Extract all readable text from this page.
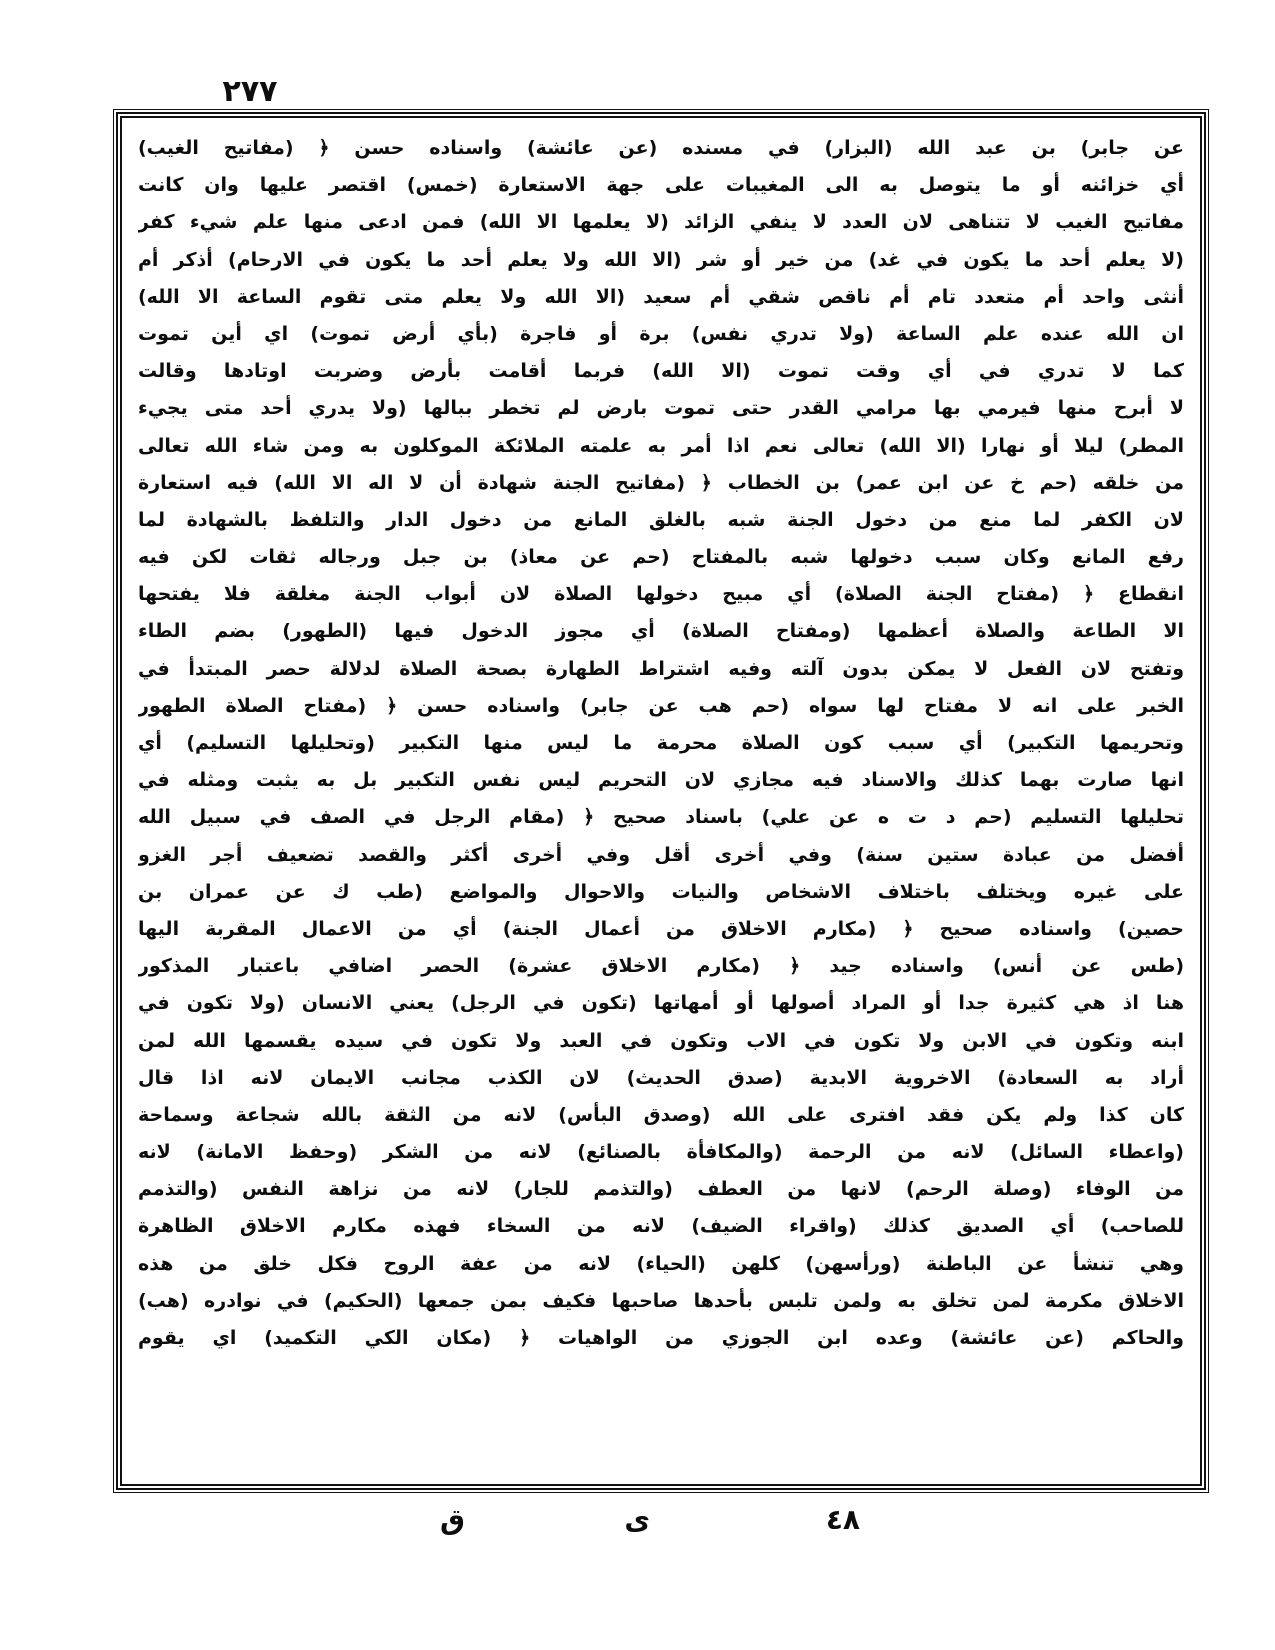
٢٧٧
عن جابر) بن عبد الله (البزار) في مسنده (عن عائشة) واسناده حسن ﴿ (مفاتيح الغيب)
أي خزائنه أو ما يتوصل به الى المغيبات على جهة الاستعارة (خمس) اقتصر عليها وان كانت
مفاتيح الغيب لا تتناهى لان العدد لا ينفي الزائد (لا يعلمها الا الله) فمن ادعى منها علم شيء كفر
(لا يعلم أحد ما يكون في غد) من خير أو شر (الا الله ولا يعلم أحد ما يكون في الارحام) أذكر أم
أنثى واحد أم متعدد تام أم ناقص شقي أم سعيد (الا الله ولا يعلم متى تقوم الساعة الا الله)
ان الله عنده علم الساعة (ولا تدري نفس) برة أو فاجرة (بأي أرض تموت) اي أين تموت
كما لا تدري في أي وقت تموت (الا الله) فربما أقامت بأرض وضربت اوتادها وقالت
لا أبرح منها فيرمي بها مرامي القدر حتى تموت بارض لم تخطر ببالها (ولا يدري أحد متى يجيء
المطر) ليلا أو نهارا (الا الله) تعالى نعم اذا أمر به علمته الملائكة الموكلون به ومن شاء الله تعالى
من خلقه (حم خ عن ابن عمر) بن الخطاب ﴿ (مفاتيح الجنة شهادة أن لا اله الا الله) فيه استعارة
لان الكفر لما منع من دخول الجنة شبه بالغلق المانع من دخول الدار والتلفظ بالشهادة لما
رفع المانع وكان سبب دخولها شبه بالمفتاح (حم عن معاذ) بن جبل ورجاله ثقات لكن فيه
انقطاع ﴿ (مفتاح الجنة الصلاة) أي مبيح دخولها الصلاة لان أبواب الجنة مغلقة فلا يفتحها
الا الطاعة والصلاة أعظمها (ومفتاح الصلاة) أي مجوز الدخول فيها (الطهور) بضم الطاء
وتفتح لان الفعل لا يمكن بدون آلته وفيه اشتراط الطهارة بصحة الصلاة لدلالة حصر المبتدأ في
الخبر على انه لا مفتاح لها سواه (حم هب عن جابر) واسناده حسن ﴿ (مفتاح الصلاة الطهور
وتحريمها التكبير) أي سبب كون الصلاة محرمة ما ليس منها التكبير (وتحليلها التسليم) أي
انها صارت بهما كذلك والاسناد فيه مجازي لان التحريم ليس نفس التكبير بل به يثبت ومثله في
تحليلها التسليم (حم د ت ه عن علي) باسناد صحيح ﴿ (مقام الرجل في الصف في سبيل الله
أفضل من عبادة ستين سنة) وفي أخرى أقل وفي أخرى أكثر والقصد تضعيف أجر الغزو
على غيره ويختلف باختلاف الاشخاص والنيات والاحوال والمواضع (طب ك عن عمران بن
حصين) واسناده صحيح ﴿ (مكارم الاخلاق من أعمال الجنة) أي من الاعمال المقربة اليها
(طس عن أنس) واسناده جيد ﴿ (مكارم الاخلاق عشرة) الحصر اضافي باعتبار المذكور
هنا اذ هي كثيرة جدا أو المراد أصولها أو أمهاتها (تكون في الرجل) يعني الانسان (ولا تكون في
ابنه وتكون في الابن ولا تكون في الاب وتكون في العبد ولا تكون في سيده يقسمها الله لمن
أراد به السعادة) الاخروية الابدية (صدق الحديث) لان الكذب مجانب الايمان لانه اذا قال
كان كذا ولم يكن فقد افترى على الله (وصدق البأس) لانه من الثقة بالله شجاعة وسماحة
(واعطاء السائل) لانه من الرحمة (والمكافأة بالصنائع) لانه من الشكر (وحفظ الامانة) لانه
من الوفاء (وصلة الرحم) لانها من العطف (والتذمم للجار) لانه من نزاهة النفس (والتذمم
للصاحب) أي الصديق كذلك (واقراء الضيف) لانه من السخاء فهذه مكارم الاخلاق الظاهرة
وهي تنشأ عن الباطنة (ورأسهن) كلهن (الحياء) لانه من عفة الروح فكل خلق من هذه
الاخلاق مكرمة لمن تخلق به ولمن تلبس بأحدها صاحبها فكيف بمن جمعها (الحكيم) في نوادره (هب)
والحاكم (عن عائشة) وعده ابن الجوزي من الواهيات ﴿ (مكان الكي التكميد) اي يقوم
٤٨
ى
ق
